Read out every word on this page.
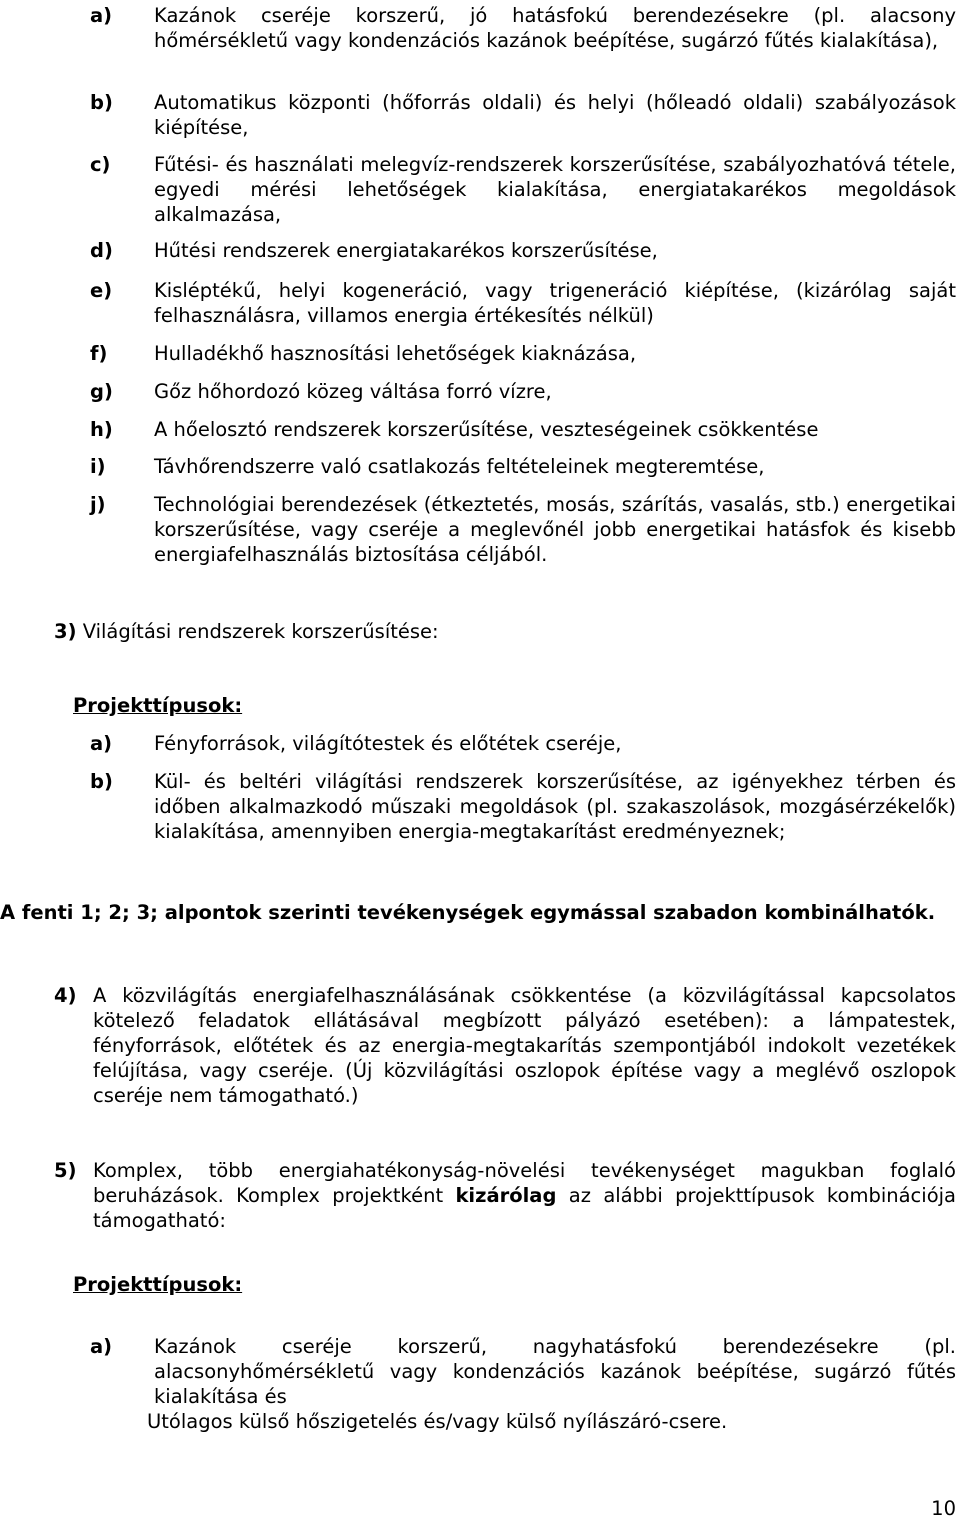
a) Kazánok cseréje korszerű, jó hatásfokú berendezésekre (pl. alacsony hőmérsékletű vagy kondenzációs kazánok beépítése, sugárzó fűtés kialakítása),
b) Automatikus központi (hőforrás oldali) és helyi (hőleadó oldali) szabályozások kiépítése,
c) Fűtési- és használati melegvíz-rendszerek korszerűsítése, szabályozhatóvá tétele, egyedi mérési lehetőségek kialakítása, energiatakarékos megoldások alkalmazása,
d) Hűtési rendszerek energiatakarékos korszerűsítése,
e) Kisléptékű, helyi kogeneráció, vagy trigeneráció kiépítése, (kizárólag saját felhasználásra, villamos energia értékesítés nélkül)
f) Hulladékhő hasznosítási lehetőségek kiaknázása,
g) Gőz hőhordozó közeg váltása forró vízre,
h) A hőelosztó rendszerek korszerűsítése, veszteségeinek csökkentése
i) Távhőrendszerre való csatlakozás feltételeinek megteremtése,
j) Technológiai berendezések (étkeztetés, mosás, szárítás, vasalás, stb.) energetikai korszerűsítése, vagy cseréje a meglevőnél jobb energetikai hatásfok és kisebb energiafelhasználás biztosítása céljából.
3) Világítási rendszerek korszerűsítése:
Projekttípusok:
a) Fényforrások, világítótestek és előtétek cseréje,
b) Kül- és beltéri világítási rendszerek korszerűsítése, az igényekhez térben és időben alkalmazkodó műszaki megoldások (pl. szakaszolások, mozgásérzékelők) kialakítása, amennyiben energia-megtakarítást eredményeznek;
A fenti 1; 2; 3; alpontok szerinti tevékenységek egymással szabadon kombinálhatók.
4) A közvilágítás energiafelhasználásának csökkentése (a közvilágítással kapcsolatos kötelező feladatok ellátásával megbízott pályázó esetében): a lámpatestek, fényforrások, előtétek és az energia-megtakarítás szempontjából indokolt vezetékek felújítása, vagy cseréje. (Új közvilágítási oszlopok építése vagy a meglévő oszlopok cseréje nem támogatható.)
5) Komplex, több energiahatékonyság-növelési tevékenységet magukban foglaló beruházások. Komplex projektként kizárólag az alábbi projekttípusok kombinációja támogatható:
Projekttípusok:
a) Kazánok cseréje korszerű, nagyhatásfokú berendezésekre (pl. alacsonyhőmérsékletű vagy kondenzációs kazánok beépítése, sugárzó fűtés kialakítása és
Utólagos külső hőszigetelés és/vagy külső nyílászáró-csere.
10
